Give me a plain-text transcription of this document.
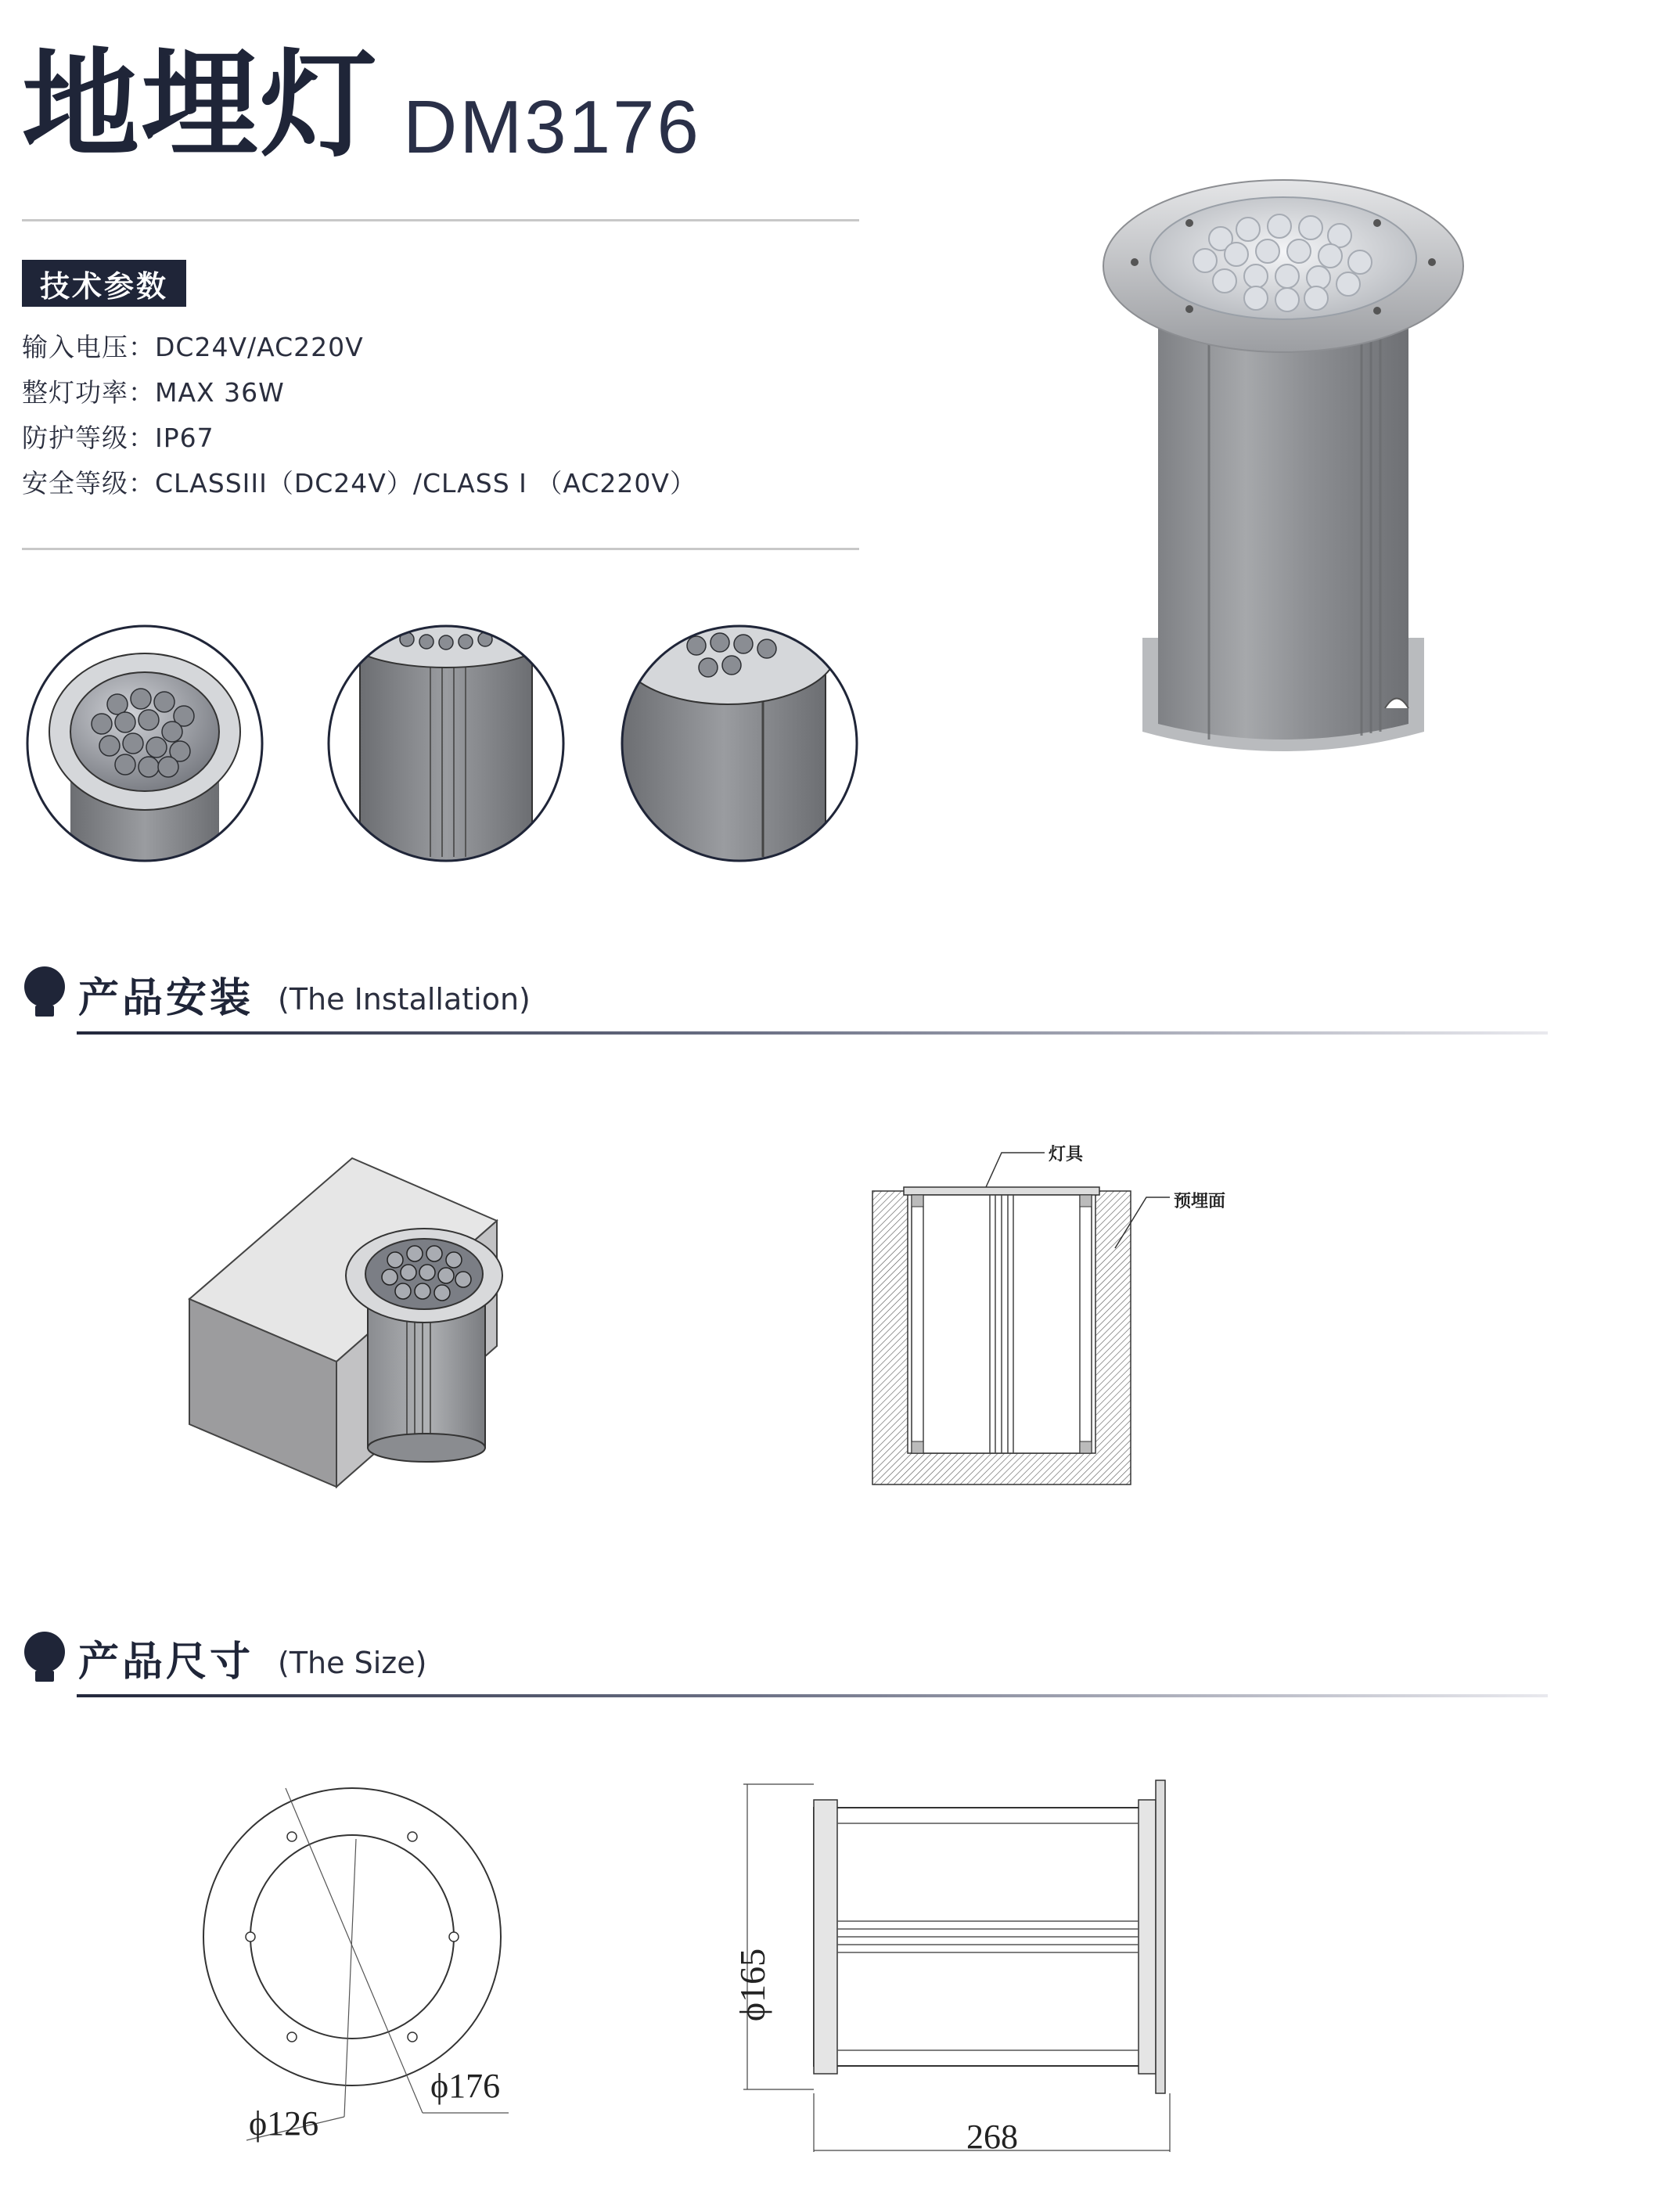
地埋灯 DM3176
技术参数
输入电压：DC24V/AC220V
整灯功率：MAX 36W
防护等级：IP67
安全等级：CLASSIII（DC24V）/CLASS I （AC220V）
产品安装 (The Installation)
灯具
预埋面
产品尺寸 (The Size)
ϕ126
ϕ176
ϕ165
268
